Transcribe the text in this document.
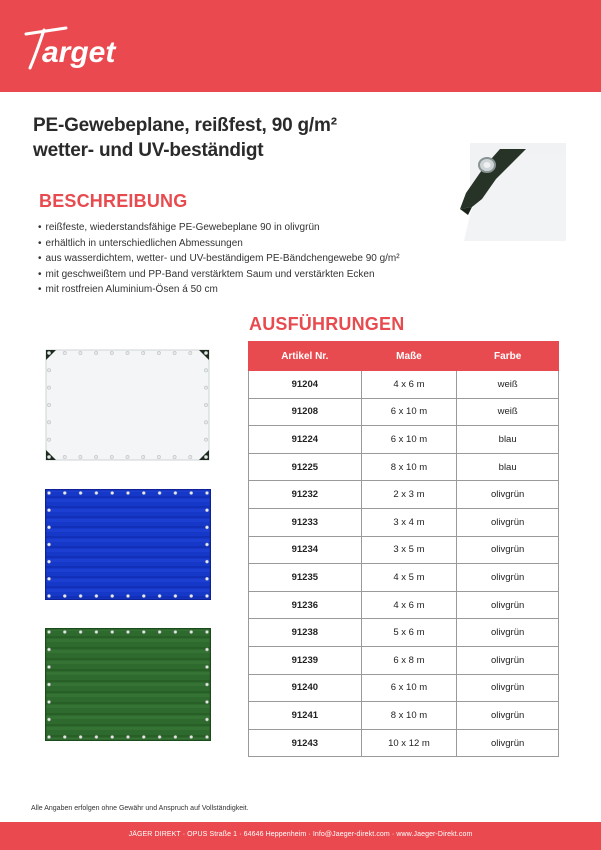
arget
PE-Gewebeplane, reißfest, 90 g/m²
wetter- und UV-beständigt
BESCHREIBUNG
• reißfeste, wiederstandsfähige PE-Gewebeplane 90 in olivgrün
• erhältlich in unterschiedlichen Abmessungen
• aus wasserdichtem, wetter- und UV-beständigem PE-Bändchengewebe 90 g/m²
• mit geschweißtem und PP-Band verstärktem Saum und verstärkten Ecken
• mit rostfreien Aluminium-Ösen á 50 cm
AUSFÜHRUNGEN
Artikel Nr.	Maße	Farbe
91204	4 x 6 m	weiß
91208	6 x 10 m	weiß
91224	6 x 10 m	blau
91225	8 x 10 m	blau
91232	2 x 3 m	olivgrün
91233	3 x 4 m	olivgrün
91234	3 x 5 m	olivgrün
91235	4 x 5 m	olivgrün
91236	4 x 6 m	olivgrün
91238	5 x 6 m	olivgrün
91239	6 x 8 m	olivgrün
91240	6 x 10 m	olivgrün
91241	8 x 10 m	olivgrün
91243	10 x 12 m	olivgrün
Alle Angaben erfolgen ohne Gewähr und Anspruch auf Vollständigkeit.
JÄGER DIREKT · OPUS Straße 1 · 64646 Heppenheim · Info@Jaeger-direkt.com · www.Jaeger-Direkt.com
